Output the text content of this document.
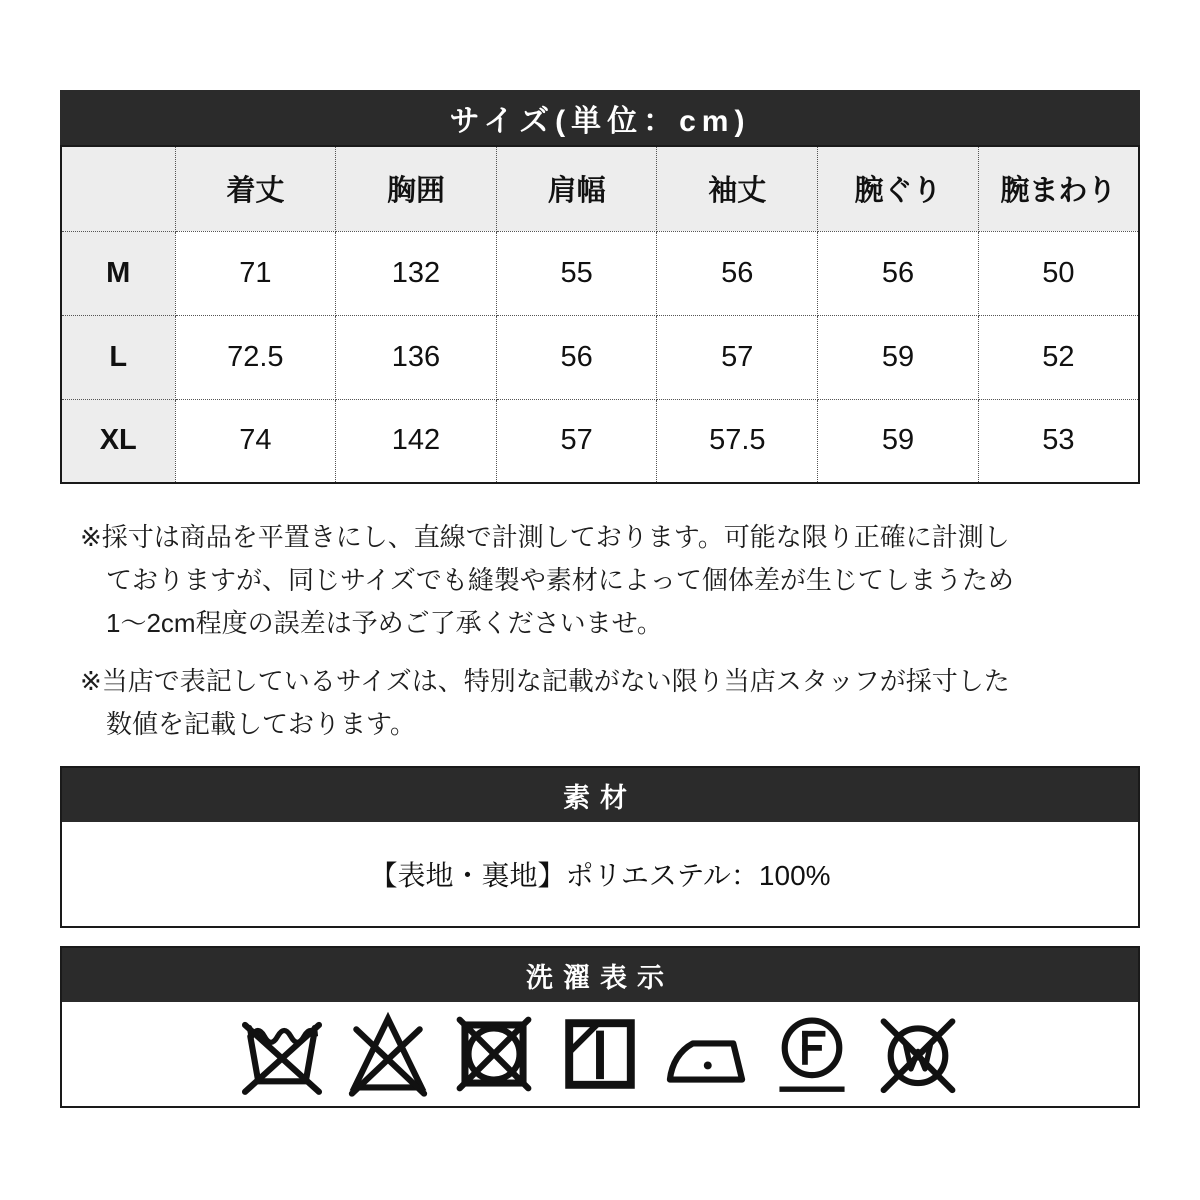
サイズ(単位：cm)
	着丈	胸囲	肩幅	袖丈	腕ぐり	腕まわり
M	71	132	55	56	56	50
L	72.5	136	56	57	59	52
XL	74	142	57	57.5	59	53
※採寸は商品を平置きにし、直線で計測しております。可能な限り正確に計測し
ておりますが、同じサイズでも縫製や素材によって個体差が生じてしまうため
1〜2cm程度の誤差は予めご了承くださいませ。
※当店で表記しているサイズは、特別な記載がない限り当店スタッフが採寸した
数値を記載しております。
素材
【表地・裏地】ポリエステル：100%
洗濯表示
